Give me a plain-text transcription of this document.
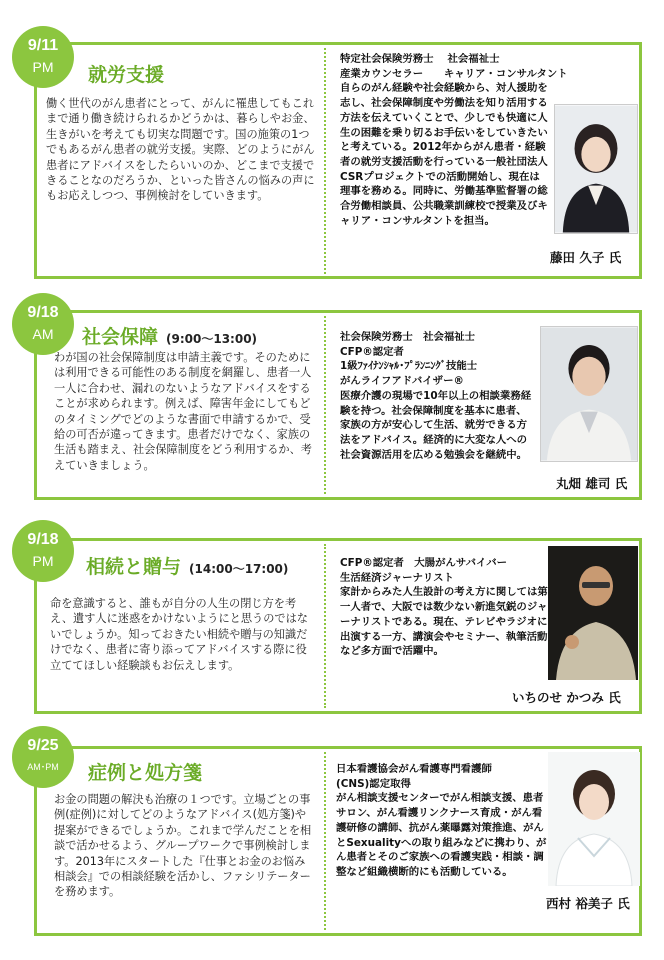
9/11
PM	就労支援
働く世代のがん患者にとって、がんに罹患してもこれまで通り働き続けられるかどうかは、暮らしやお金、生きがいを考えても切実な問題です。国の施策の1つでもあるがん患者の就労支援。実際、どのようにがん患者にアドバイスをしたらいいのか、どこまで支援できることなのだろうか、といった皆さんの悩みの声にもお応えしつつ、事例検討をしていきます。
特定社会保険労務士　 社会福祉士
産業カウンセラー　　キャリア・コンサルタント
自らのがん経験や社会経験から、対人援助を志し、社会保障制度や労働法を知り活用する方法を伝えていくことで、少しでも快適に人生の困難を乗り切るお手伝いをしていきたいと考えている。2012年からがん患者・経験者の就労支援活動を行っている一般社団法人CSRプロジェクトでの活動開始し、現在は理事を務める。同時に、労働基準監督署の総合労働相談員、公共職業訓練校で授業及びキャリア・コンサルタントを担当。
藤田 久子 氏
9/18
AM	社会保障 (9:00～13:00)
わが国の社会保障制度は申請主義です。そのためには利用できる可能性のある制度を網羅し、患者一人一人に合わせ、漏れのないようなアドバイスをすることが求められます。例えば、障害年金にしてもどのタイミングでどのような書面で申請するかで、受給の可否が違ってきます。患者だけでなく、家族の生活も踏まえ、社会保障制度をどう利用するか、考えていきましょう。
社会保険労務士　社会福祉士
CFP®認定者
1級ﾌｧｲﾅﾝｼｬﾙ･ﾌﾟﾗﾝﾆﾝｸﾞ技能士
がんライフアドバイザー®
医療介護の現場で10年以上の相談業務経験を持つ。社会保障制度を基本に患者、家族の方が安心して生活、就労できる方法をアドバイス。経済的に大変な人への社会資源活用を広める勉強会を継続中。
丸畑 雄司 氏
9/18
PM	相続と贈与 (14:00～17:00)
命を意識すると、誰もが自分の人生の閉じ方を考え、遺す人に迷惑をかけないようにと思うのではないでしょうか。知っておきたい相続や贈与の知識だけでなく、患者に寄り添ってアドバイスする際に役立ててほしい経験談もお伝えします。
CFP®認定者　大腸がんサバイバー
生活経済ジャーナリスト
家計からみた人生設計の考え方に関しては第一人者で、大阪では数少ない新進気鋭のジャーナリストである。現在、テレビやラジオに出演する一方、講演会やセミナー、執筆活動など多方面で活躍中。
いちのせ かつみ 氏
9/25
AM･PM	症例と処方箋
お金の問題の解決も治療の１つです。立場ごとの事例(症例)に対してどのようなアドバイス(処方箋)や提案ができるでしょうか。これまで学んだことを相談で活かせるよう、グループワークで事例検討します。2013年にスタートした『仕事とお金のお悩み相談会』での相談経験を活かし、ファシリテーターを務めます。
日本看護協会がん看護専門看護師
(CNS)認定取得
がん相談支援センターでがん相談支援、患者サロン、がん看護リンクナース育成・がん看護研修の講師、抗がん薬曝露対策推進、がんとSexualityへの取り組みなどに携わり、がん患者とそのご家族への看護実践・相談・調整など組織横断的にも活動している。
西村 裕美子 氏
